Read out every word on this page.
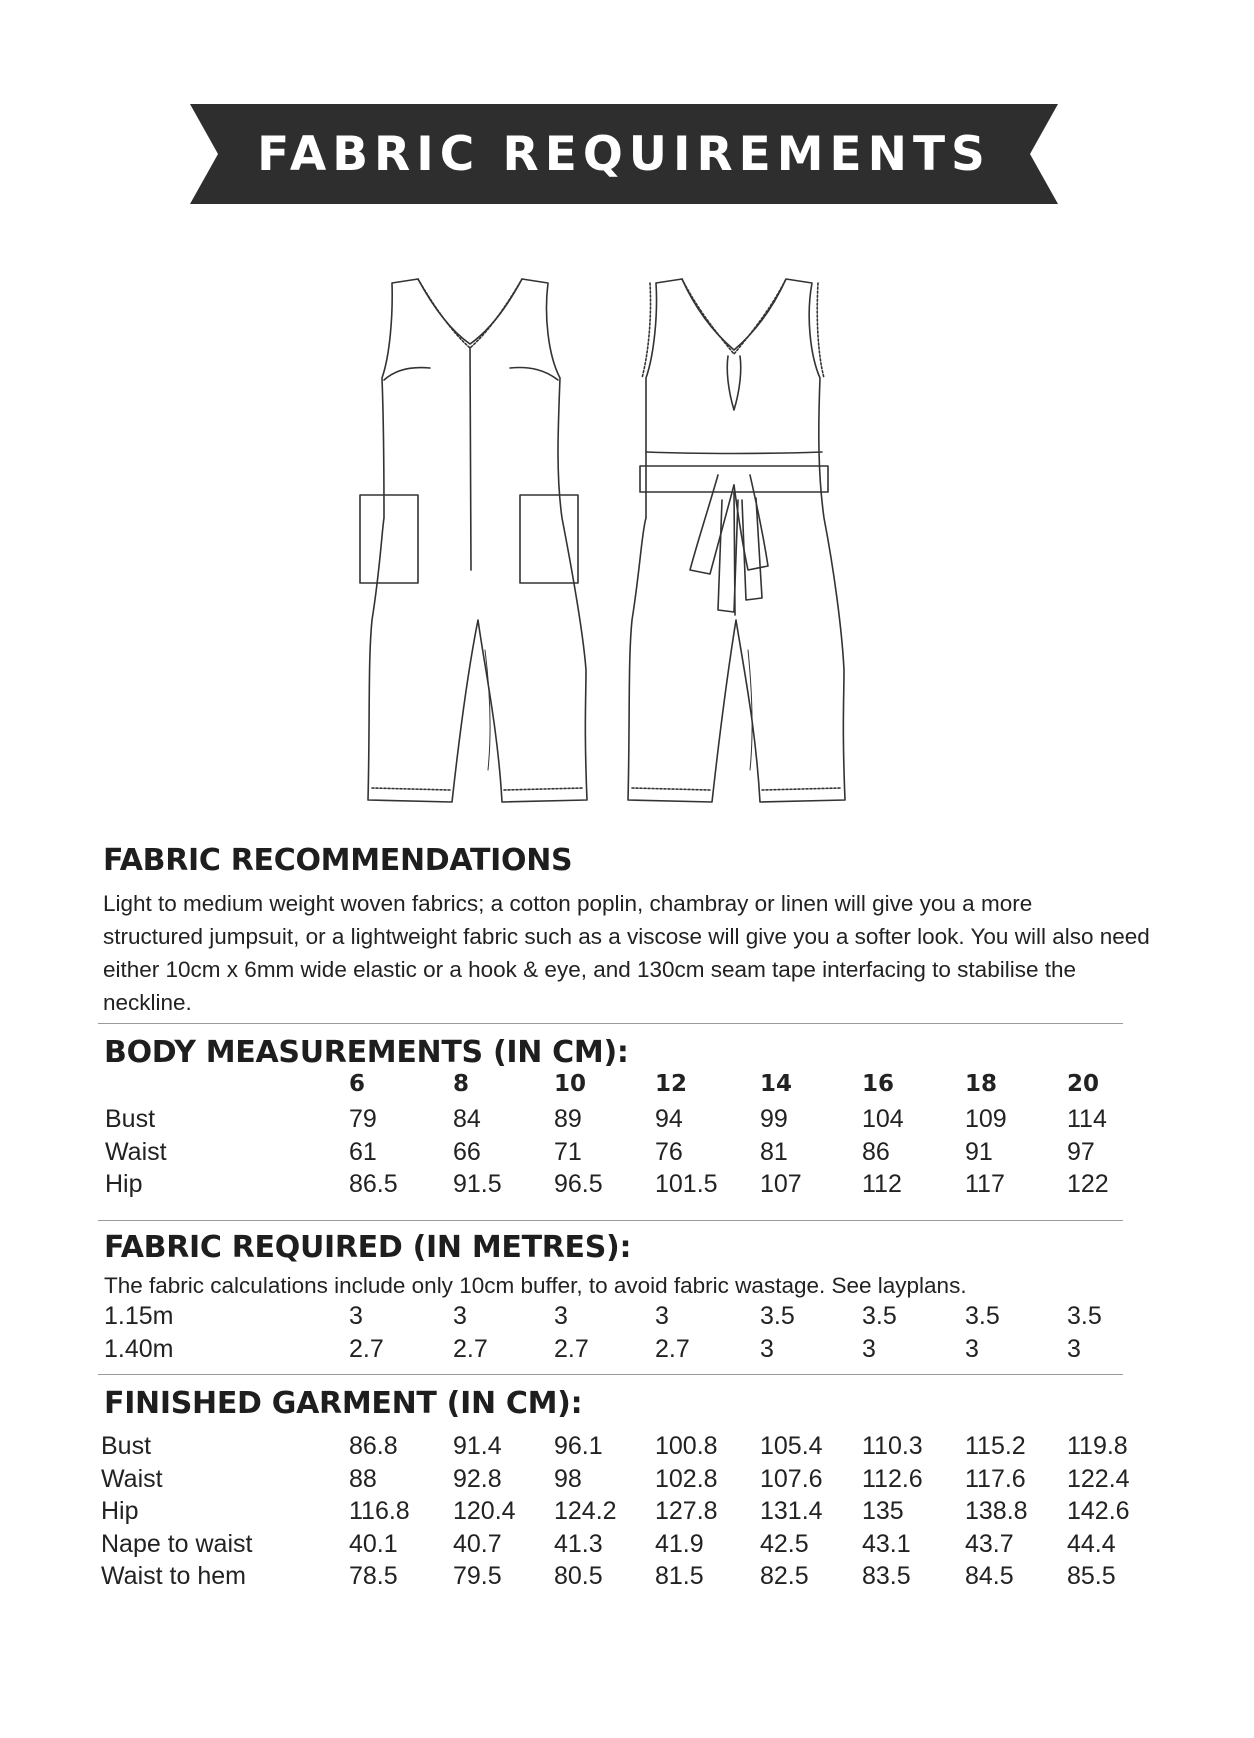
FABRIC REQUIREMENTS
FABRIC RECOMMENDATIONS
Light to medium weight woven fabrics; a cotton poplin, chambray or linen will give you a more
structured jumpsuit, or a lightweight fabric such as a viscose will give you a softer look. You will also need
either 10cm x 6mm wide elastic or a hook & eye, and 130cm seam tape interfacing to stabilise the
neckline.
BODY MEASUREMENTS (IN CM):
6	8	10	12	14	16	18	20
Bust	79	84	89	94	99	104 109 114
Waist	61	66	71	76	81	86	91	97
Hip	86.5 91.5 96.5 101.5 107 112	117 122
FABRIC REQUIRED (IN METRES):
The fabric calculations include only 10cm buffer, to avoid fabric wastage. See layplans.
1.15m	3	3	3	3	3.5	3.5	3.5	3.5
1.40m	2.7	2.7	2.7	2.7	3	3	3	3
FINISHED GARMENT (IN CM):
Bust	86.8 91.4 96.1 100.8 105.4 110.3 115.2 119.8
Waist	88	92.8 98	102.8 107.6 112.6 117.6 122.4
Hip	116.8 120.4 124.2 127.8 131.4 135 138.8 142.6
Nape to waist	40.1 40.7 41.3 41.9 42.5 43.1 43.7 44.4
Waist to hem	78.5 79.5 80.5 81.5 82.5 83.5 84.5 85.5
